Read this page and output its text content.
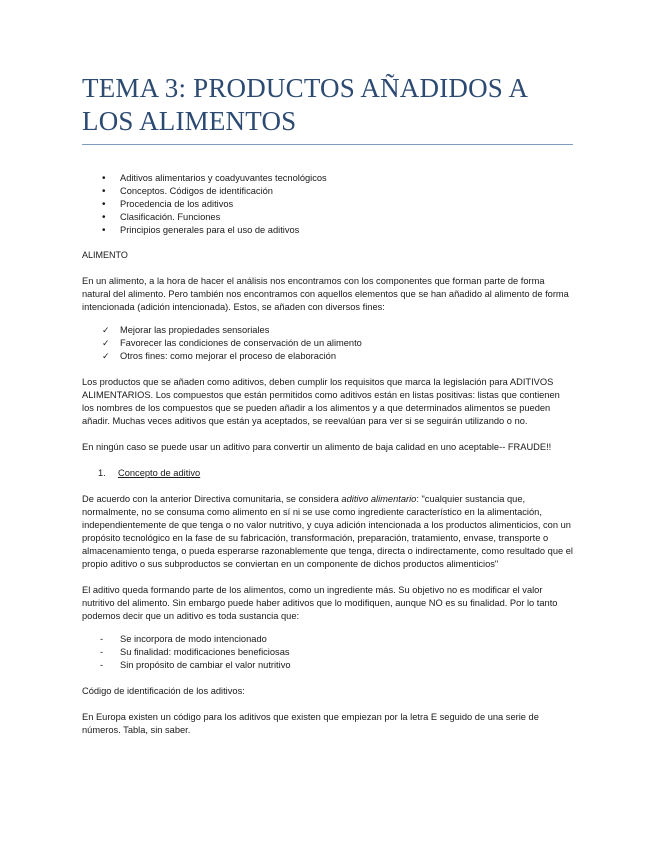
TEMA 3: PRODUCTOS AÑADIDOS A LOS ALIMENTOS
• Aditivos alimentarios y coadyuvantes tecnológicos
• Conceptos. Códigos de identificación
• Procedencia de los aditivos
• Clasificación. Funciones
• Principios generales para el uso de aditivos

ALIMENTO

En un alimento, a la hora de hacer el análisis nos encontramos con los componentes que forman parte de forma natural del alimento. Pero también nos encontramos con aquellos elementos que se han añadido al alimento de forma intencionada (adición intencionada). Estos, se añaden con diversos fines:

✓ Mejorar las propiedades sensoriales
✓ Favorecer las condiciones de conservación de un alimento
✓ Otros fines: como mejorar el proceso de elaboración

Los productos que se añaden como aditivos, deben cumplir los requisitos que marca la legislación para ADITIVOS ALIMENTARIOS. Los compuestos que están permitidos como aditivos están en listas positivas: listas que contienen los nombres de los compuestos que se pueden añadir a los alimentos y a que determinados alimentos se pueden añadir. Muchas veces aditivos que están ya aceptados, se reevalúan para ver si se seguirán utilizando o no.

En ningún caso se puede usar un aditivo para convertir un alimento de baja calidad en uno aceptable-- FRAUDE!!

1. Concepto de aditivo

De acuerdo con la anterior Directiva comunitaria, se considera aditivo alimentario: "cualquier sustancia que, normalmente, no se consuma como alimento en sí ni se use como ingrediente característico en la alimentación, independientemente de que tenga o no valor nutritivo, y cuya adición intencionada a los productos alimenticios, con un propósito tecnológico en la fase de su fabricación, transformación, preparación, tratamiento, envase, transporte o almacenamiento tenga, o pueda esperarse razonablemente que tenga, directa o indirectamente, como resultado que el propio aditivo o sus subproductos se conviertan en un componente de dichos productos alimenticios"

El aditivo queda formando parte de los alimentos, como un ingrediente más. Su objetivo no es modificar el valor nutritivo del alimento. Sin embargo puede haber aditivos que lo modifiquen, aunque NO es su finalidad. Por lo tanto podemos decir que un aditivo es toda sustancia que:

- Se incorpora de modo intencionado
- Su finalidad: modificaciones beneficiosas
- Sin propósito de cambiar el valor nutritivo

Código de identificación de los aditivos:

En Europa existen un código para los aditivos que existen que empiezan por la letra E seguido de una serie de números. Tabla, sin saber.
